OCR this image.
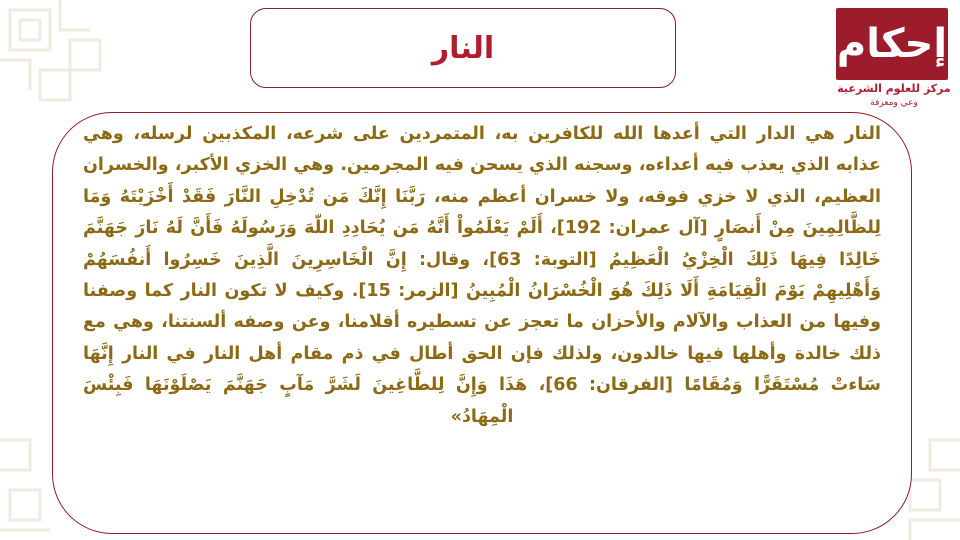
النار	إحكام
مركز للعلوم الشرعية
وعي ومعرفة

النار هي الدار التي أعدها الله للكافرين به، المتمردين على شرعه، المكذبين لرسله، وهي عذابه الذي يعذب فيه أعداءه، وسجنه الذي يسحن فيه المجرمين. وهي الخزي الأكبر، والخسران العظيم، الذي لا خزي فوقه، ولا خسران أعظم منه، رَبَّنَا إِنَّكَ مَن تُدْخِلِ النَّارَ فَقَدْ أَخْزَيْتَهُ وَمَا لِلظَّالِمِينَ مِنْ أَنصَارٍ [آل عمران: 192]، أَلَمْ يَعْلَمُواْ أَنَّهُ مَن يُحَادِدِ اللّهَ وَرَسُولَهُ فَأَنَّ لَهُ نَارَ جَهَنَّمَ خَالِدًا فِيهَا ذَلِكَ الْخِزْيُ الْعَظِيمُ [التوبة: 63]، وقال: إِنَّ الْخَاسِرِينَ الَّذِينَ خَسِرُوا أَنفُسَهُمْ وَأَهْلِيهِمْ يَوْمَ الْقِيَامَةِ أَلَا ذَلِكَ هُوَ الْخُسْرَانُ الْمُبِينُ [الزمر: 15]. وكيف لا تكون النار كما وصفنا وفيها من العذاب والآلام والأحزان ما تعجز عن تسطيره أقلامنا، وعن وصفه ألسنتنا، وهي مع ذلك خالدة وأهلها فيها خالدون، ولذلك فإن الحق أطال في ذم مقام أهل النار في النار إِنَّهَا سَاءتْ مُسْتَقَرًّا وَمُقَامًا [الفرقان: 66]، هَذَا وَإِنَّ لِلطَّاغِينَ لَشَرَّ مَآبٍ جَهَنَّمَ يَصْلَوْنَهَا فَبِئْسَ الْمِهَادُ»
